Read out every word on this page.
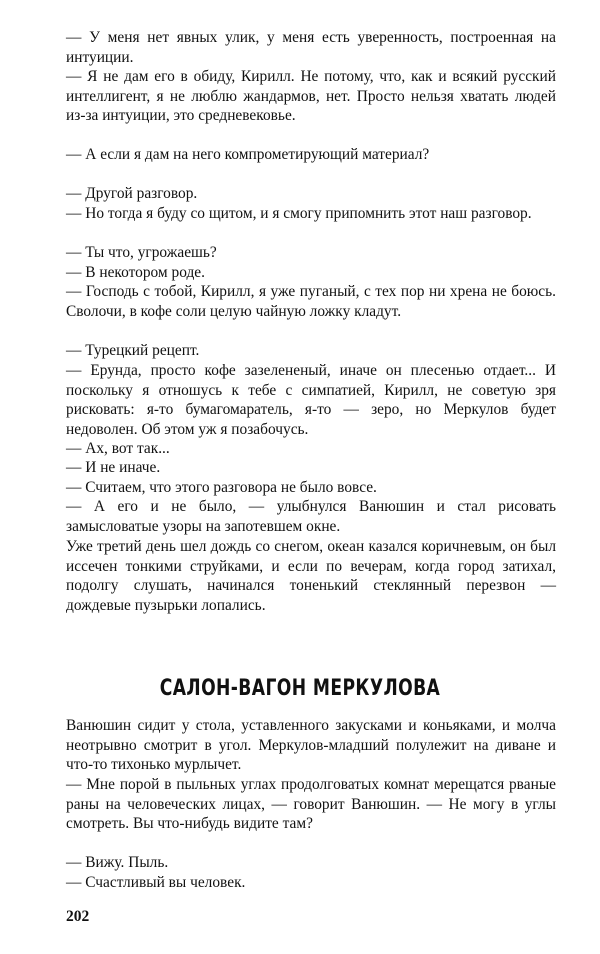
— У меня нет явных улик, у меня есть уверенность, построенная на интуиции.

— Я не дам его в обиду, Кирилл. Не потому, что, как и всякий русский интеллигент, я не люблю жандармов, нет. Просто нельзя хватать людей из-за интуиции, это средневековье.

— А если я дам на него компрометирующий материал?

— Другой разговор.

— Но тогда я буду со щитом, и я смогу припомнить этот наш разговор.

— Ты что, угрожаешь?

— В некотором роде.

— Господь с тобой, Кирилл, я уже пуганый, с тех пор ни хрена не боюсь. Сволочи, в кофе соли целую чайную ложку кладут.

— Турецкий рецепт.

— Ерунда, просто кофе зазелененый, иначе он плесенью отдает... И поскольку я отношусь к тебе с симпатией, Кирилл, не советую зря рисковать: я-то бумагомаратель, я-то — зеро, но Меркулов будет недоволен. Об этом уж я позабочусь.

— Ах, вот так...

— И не иначе.

— Считаем, что этого разговора не было вовсе.

— А его и не было, — улыбнулся Ванюшин и стал рисовать замысловатые узоры на запотевшем окне.

Уже третий день шел дождь со снегом, океан казался коричневым, он был иссечен тонкими струйками, и если по вечерам, когда город затихал, подолгу слушать, начинался тоненький стеклянный перезвон — дождевые пузырьки лопались.

САЛОН-ВАГОН МЕРКУЛОВА

Ванюшин сидит у стола, уставленного закусками и коньяками, и молча неотрывно смотрит в угол. Меркулов-младший полулежит на диване и что-то тихонько мурлычет.

— Мне порой в пыльных углах продолговатых комнат мерещатся рваные раны на человеческих лицах, — говорит Ванюшин. — Не могу в углы смотреть. Вы что-нибудь видите там?

— Вижу. Пыль.

— Счастливый вы человек.

202
